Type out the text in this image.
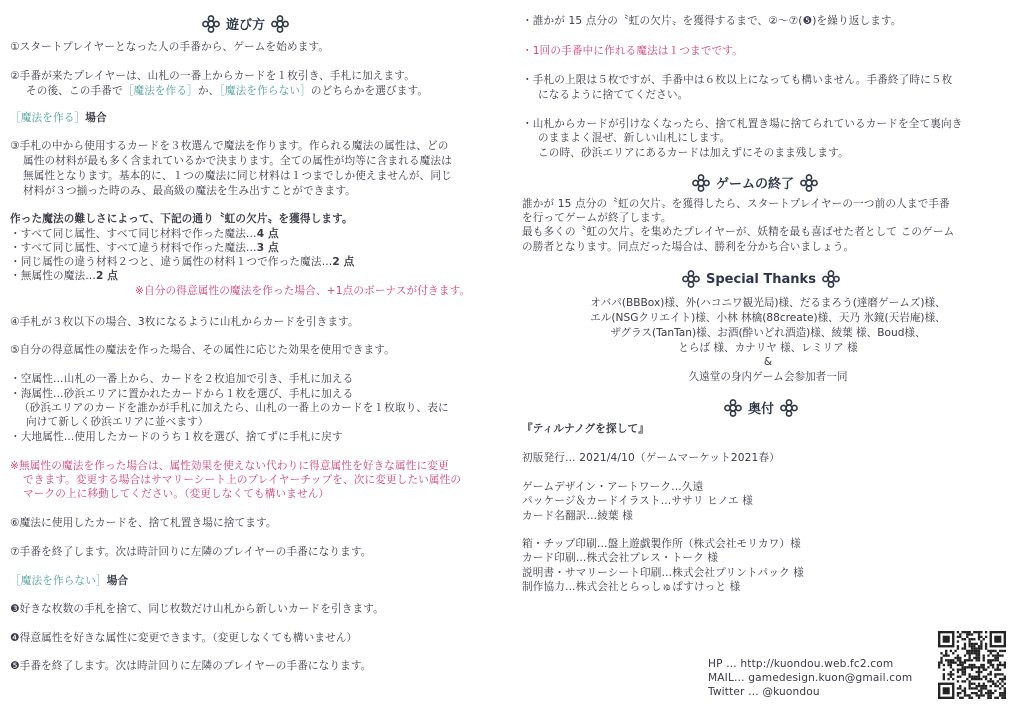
遊び方
①スタートプレイヤーとなった人の手番から、ゲームを始めます。
②手番が来たプレイヤーは、山札の一番上からカードを１枚引き、手札に加えます。
その後、この手番で［魔法を作る］か、［魔法を作らない］のどちらかを選びます。
［魔法を作る］場合
③手札の中から使用するカードを３枚選んで魔法を作ります。作られる魔法の属性は、どの
属性の材料が最も多く含まれているかで決まります。全ての属性が均等に含まれる魔法は
無属性となります。基本的に、１つの魔法に同じ材料は１つまでしか使えませんが、同じ
材料が３つ揃った時のみ、最高級の魔法を生み出すことができます。
作った魔法の難しさによって、下記の通り〝虹の欠片〟を獲得します。
・すべて同じ属性、すべて同じ材料で作った魔法…4 点
・すべて同じ属性、すべて違う材料で作った魔法…3 点
・同じ属性の違う材料２つと、違う属性の材料１つで作った魔法…2 点
・無属性の魔法…2 点
※自分の得意属性の魔法を作った場合、+1点のボーナスが付きます。
④手札が３枚以下の場合、3枚になるように山札からカードを引きます。
⑤自分の得意属性の魔法を作った場合、その属性に応じた効果を使用できます。
・空属性…山札の一番上から、カードを２枚追加で引き、手札に加える
・海属性…砂浜エリアに置かれたカードから１枚を選び、手札に加える
（砂浜エリアのカードを誰かが手札に加えたら、山札の一番上のカードを１枚取り、表に
向けて新しく砂浜エリアに並べます）
・大地属性…使用したカードのうち１枚を選び、捨てずに手札に戻す
※無属性の魔法を作った場合は、属性効果を使えない代わりに得意属性を好きな属性に変更
できます。変更する場合はサマリーシート上のプレイヤーチップを、次に変更したい属性の
マークの上に移動してください。（変更しなくても構いません）
⑥魔法に使用したカードを、捨て札置き場に捨てます。
⑦手番を終了します。次は時計回りに左隣のプレイヤーの手番になります。
［魔法を作らない］場合
❸好きな枚数の手札を捨て、同じ枚数だけ山札から新しいカードを引きます。
❹得意属性を好きな属性に変更できます。（変更しなくても構いません）
❺手番を終了します。次は時計回りに左隣のプレイヤーの手番になります。
・誰かが 15 点分の〝虹の欠片〟を獲得するまで、②～⑦(❺)を繰り返します。
・1回の手番中に作れる魔法は１つまでです。
・手札の上限は５枚ですが、手番中は６枚以上になっても構いません。手番終了時に５枚
になるように捨ててください。
・山札からカードが引けなくなったら、捨て札置き場に捨てられているカードを全て裏向き
のままよく混ぜ、新しい山札にします。
この時、砂浜エリアにあるカードは加えずにそのまま残します。
ゲームの終了
誰かが 15 点分の〝虹の欠片〟を獲得したら、スタートプレイヤーの一つ前の人まで手番
を行ってゲームが終了します。
最も多くの〝虹の欠片〟を集めたプレイヤーが、妖精を最も喜ばせた者として このゲーム
の勝者となります。同点だった場合は、勝利を分かち合いましょう。
Special Thanks
オバパ(BBBox)様、外(ハコニワ観光局)様、だるまろう(達磨ゲームズ)様、
エル(NSGクリエイト)様、小林 林檎(88create)様、天乃 氷鏡(天岩庵)様、
ザグラス(TanTan)様、お酒(酔いどれ酒造)様、綾葉 様、Boud様、
とらば 様、カナリヤ 様、レミリア 様
&
久遠堂の身内ゲーム会参加者一同
奥付
『ティルナノグを探して』
初版発行… 2021/4/10（ゲームマーケット2021春）
ゲームデザイン・アートワーク…久遠
パッケージ＆カードイラスト…ササリ ヒノエ 様
カード名翻訳…綾葉 様
箱・チップ印刷…盤上遊戯製作所（株式会社モリカワ）様
カード印刷…株式会社プレス・トーク 様
説明書・サマリーシート印刷…株式会社プリントパック 様
制作協力…株式会社とらっしゅぱすけっと 様
HP … http://kuondou.web.fc2.com
MAIL… gamedesign.kuon@gmail.com
Twitter … @kuondou
